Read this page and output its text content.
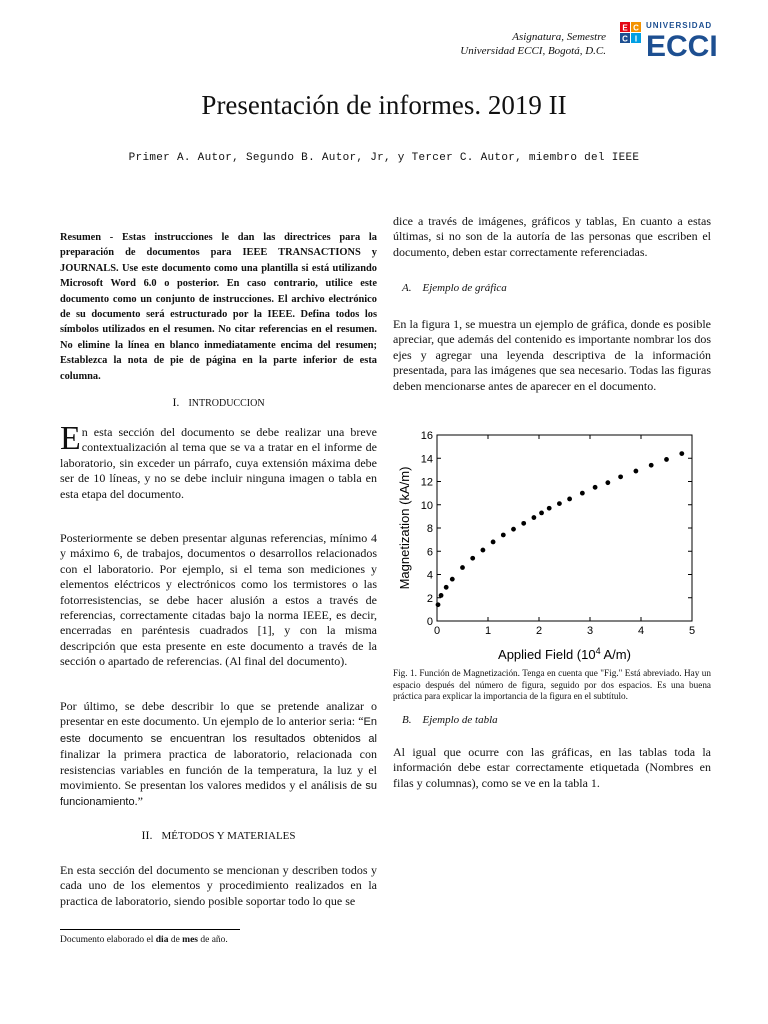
Asignatura, Semestre
Universidad ECCI, Bogotá, D.C.
E C
C I
UNIVERSIDAD
ECCI
Presentación de informes. 2019 II
Primer A. Autor, Segundo B. Autor, Jr, y Tercer C. Autor, miembro del IEEE
Resumen - Estas instrucciones le dan las directrices para la preparación de documentos para IEEE TRANSACTIONS y JOURNALS. Use este documento como una plantilla si está utilizando Microsoft Word 6.0 o posterior. En caso contrario, utilice este documento como un conjunto de instrucciones. El archivo electrónico de su documento será estructurado por la IEEE. Defina todos los símbolos utilizados en el resumen. No citar referencias en el resumen. No elimine la línea en blanco inmediatamente encima del resumen; Establezca la nota de pie de página en la parte inferior de esta columna.
I. INTRODUCCION

En esta sección del documento se debe realizar una breve contextualización al tema que se va a tratar en el informe de laboratorio, sin exceder un párrafo, cuya extensión máxima debe ser de 10 líneas, y no se debe incluir ninguna imagen o tabla en esta etapa del documento.

Posteriormente se deben presentar algunas referencias, mínimo 4 y máximo 6, de trabajos, documentos o desarrollos relacionados con el laboratorio. Por ejemplo, si el tema son mediciones y elementos eléctricos y electrónicos como los termistores o las fotorresistencias, se debe hacer alusión a estos a través de referencias, correctamente citadas bajo la norma IEEE, es decir, encerradas en paréntesis cuadrados [1], y con la misma descripción que esta presente en este documento a través de la sección o apartado de referencias. (Al final del documento).
Por último, se debe describir lo que se pretende analizar o presentar en este documento. Un ejemplo de lo anterior seria: “En este documento se encuentran los resultados obtenidos al finalizar la primera practica de laboratorio, relacionada con resistencias variables en función de la temperatura, la luz y el movimiento. Se presentan los valores medidos y el análisis de su funcionamiento.”
II. MÉTODOS Y MATERIALES
En esta sección del documento se mencionan y describen todos y cada uno de los elementos y procedimiento realizados en la practica de laboratorio, siendo posible soportar todo lo que se
Documento elaborado el dia de mes de año.
dice a través de imágenes, gráficos y tablas, En cuanto a estas últimas, si no son de la autoría de las personas que escriben el documento, deben estar correctamente referenciadas.
A. Ejemplo de gráfica
En la figura 1, se muestra un ejemplo de gráfica, donde es posible apreciar, que además del contenido es importante nombrar los dos ejes y agregar una leyenda descriptiva de la información presentada, para las imágenes que sea necesario. Todas las figuras deben mencionarse antes de aparecer en el documento.
0	1	2	3	4	5
0
2
4
6
8
10
12
14
16
Applied Field ($10^4$ A/m)
Magnetization (kA/m)
Fig. 1. Función de Magnetización. Tenga en cuenta que "Fig." Está abreviado. Hay un espacio después del número de figura, seguido por dos espacios. Es una buena práctica para explicar la importancia de la figura en el subtítulo.
B. Ejemplo de tabla
Al igual que ocurre con las gráficas, en las tablas toda la información debe estar correctamente etiquetada (Nombres en filas y columnas), como se ve en la tabla 1.
